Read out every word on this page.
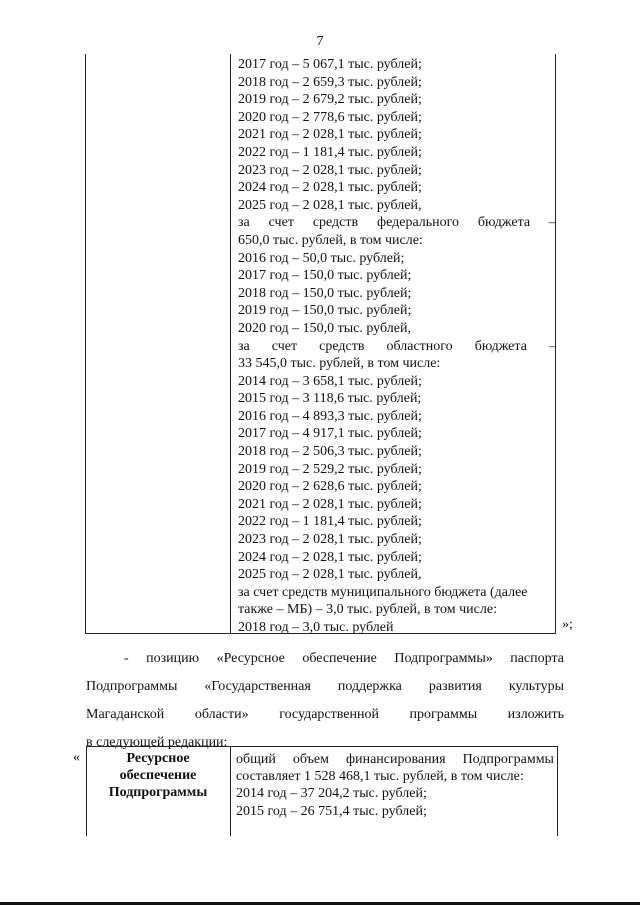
7
2017 год – 5 067,1 тыс. рублей;
2018 год – 2 659,3 тыс. рублей;
2019 год – 2 679,2 тыс. рублей;
2020 год – 2 778,6 тыс. рублей;
2021 год – 2 028,1 тыс. рублей;
2022 год – 1 181,4 тыс. рублей;
2023 год – 2 028,1 тыс. рублей;
2024 год – 2 028,1 тыс. рублей;
2025 год – 2 028,1 тыс. рублей,
за счет средств федерального бюджета –
650,0 тыс. рублей, в том числе:
2016 год – 50,0 тыс. рублей;
2017 год – 150,0 тыс. рублей;
2018 год – 150,0 тыс. рублей;
2019 год – 150,0 тыс. рублей;
2020 год – 150,0 тыс. рублей,
за счет средств областного бюджета –
33 545,0 тыс. рублей, в том числе:
2014 год – 3 658,1 тыс. рублей;
2015 год – 3 118,6 тыс. рублей;
2016 год – 4 893,3 тыс. рублей;
2017 год – 4 917,1 тыс. рублей;
2018 год – 2 506,3 тыс. рублей;
2019 год – 2 529,2 тыс. рублей;
2020 год – 2 628,6 тыс. рублей;
2021 год – 2 028,1 тыс. рублей;
2022 год – 1 181,4 тыс. рублей;
2023 год – 2 028,1 тыс. рублей;
2024 год – 2 028,1 тыс. рублей;
2025 год – 2 028,1 тыс. рублей,
за счет средств муниципального бюджета (далее
также – МБ) – 3,0 тыс. рублей, в том числе:
2018 год – 3,0 тыс. рублей	»;
- позицию «Ресурсное обеспечение Подпрограммы» паспорта
Подпрограммы «Государственная поддержка развития культуры
Магаданской области» государственной программы изложить
в следующей редакции:
«	Ресурсное
обеспечение
Подпрограммы
общий объем финансирования Подпрограммы
составляет 1 528 468,1 тыс. рублей, в том числе:
2014 год – 37 204,2 тыс. рублей;
2015 год – 26 751,4 тыс. рублей;
